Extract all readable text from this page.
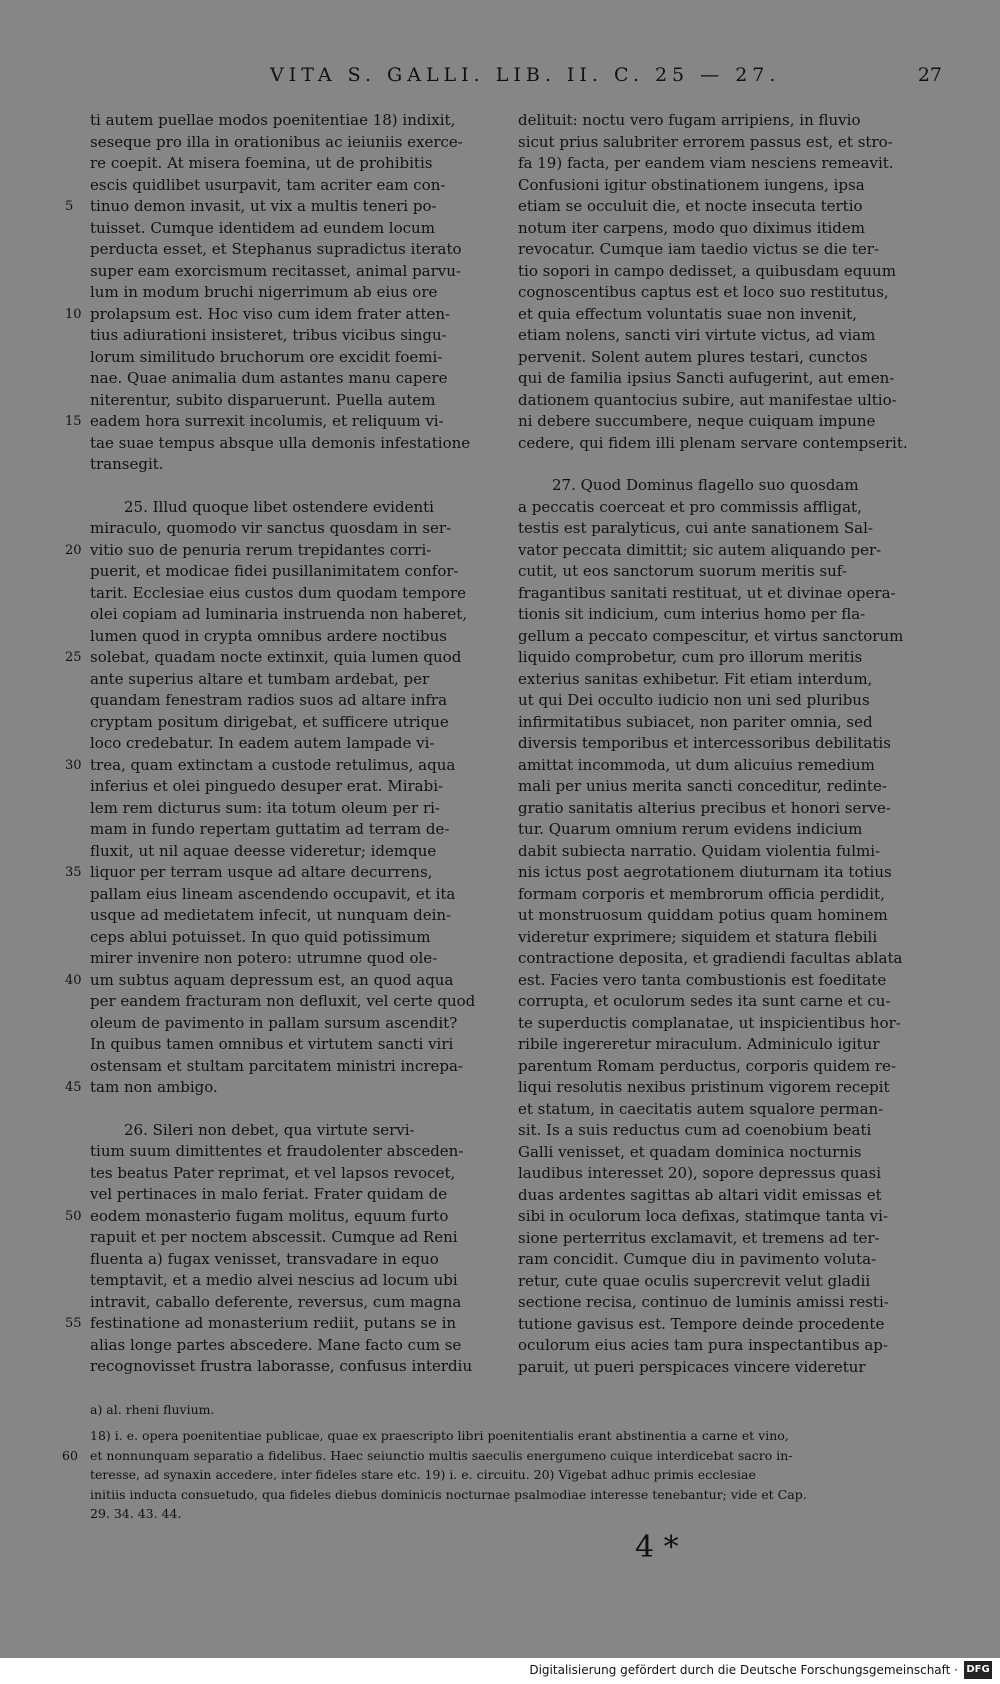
VITA S. GALLI. LIB. II. C. 25 — 27.	27
ti autem puellae modos poenitentiae 18) indixit,
seseque pro illa in orationibus ac ieiuniis exerce-
re coepit. At misera foemina, ut de prohibitis
escis quidlibet usurpavit, tam acriter eam con-
tinuo demon invasit, ut vix a multis teneri po-
5
tuisset. Cumque identidem ad eundem locum
perducta esset, et Stephanus supradictus iterato
super eam exorcismum recitasset, animal parvu-
lum in modum bruchi nigerrimum ab eius ore
prolapsum est. Hoc viso cum idem frater atten-
10
tius adiurationi insisteret, tribus vicibus singu-
lorum similitudo bruchorum ore excidit foemi-
nae. Quae animalia dum astantes manu capere
niterentur, subito disparuerunt. Puella autem
eadem hora surrexit incolumis, et reliquum vi-
15
tae suae tempus absque ulla demonis infestatione
transegit.
25. Illud quoque libet ostendere evidenti
miraculo, quomodo vir sanctus quosdam in ser-
vitio suo de penuria rerum trepidantes corri-
20
puerit, et modicae fidei pusillanimitatem confor-
tarit. Ecclesiae eius custos dum quodam tempore
olei copiam ad luminaria instruenda non haberet,
lumen quod in crypta omnibus ardere noctibus
solebat, quadam nocte extinxit, quia lumen quod
25
ante superius altare et tumbam ardebat, per
quandam fenestram radios suos ad altare infra
cryptam positum dirigebat, et sufficere utrique
loco credebatur. In eadem autem lampade vi-
trea, quam extinctam a custode retulimus, aqua
30
inferius et olei pinguedo desuper erat. Mirabi-
lem rem dicturus sum: ita totum oleum per ri-
mam in fundo repertam guttatim ad terram de-
fluxit, ut nil aquae deesse videretur; idemque
liquor per terram usque ad altare decurrens,
35
pallam eius lineam ascendendo occupavit, et ita
usque ad medietatem infecit, ut nunquam dein-
ceps ablui potuisset. In quo quid potissimum
mirer invenire non potero: utrumne quod ole-
um subtus aquam depressum est, an quod aqua
40
per eandem fracturam non defluxit, vel certe quod
oleum de pavimento in pallam sursum ascendit?
In quibus tamen omnibus et virtutem sancti viri
ostensam et stultam parcitatem ministri increpa-
tam non ambigo.
45
26. Sileri non debet, qua virtute servi-
tium suum dimittentes et fraudolenter absceden-
tes beatus Pater reprimat, et vel lapsos revocet,
vel pertinaces in malo feriat. Frater quidam de
eodem monasterio fugam molitus, equum furto
50
rapuit et per noctem abscessit. Cumque ad Reni
fluenta a) fugax venisset, transvadare in equo
temptavit, et a medio alvei nescius ad locum ubi
intravit, caballo deferente, reversus, cum magna
festinatione ad monasterium rediit, putans se in
55
alias longe partes abscedere. Mane facto cum se
recognovisset frustra laborasse, confusus interdiu
delituit: noctu vero fugam arripiens, in fluvio
sicut prius salubriter errorem passus est, et stro-
fa 19) facta, per eandem viam nesciens remeavit.
Confusioni igitur obstinationem iungens, ipsa
etiam se occuluit die, et nocte insecuta tertio
notum iter carpens, modo quo diximus itidem
revocatur. Cumque iam taedio victus se die ter-
tio sopori in campo dedisset, a quibusdam equum
cognoscentibus captus est et loco suo restitutus,
et quia effectum voluntatis suae non invenit,
etiam nolens, sancti viri virtute victus, ad viam
pervenit. Solent autem plures testari, cunctos
qui de familia ipsius Sancti aufugerint, aut emen-
dationem quantocius subire, aut manifestae ultio-
ni debere succumbere, neque cuiquam impune
cedere, qui fidem illi plenam servare contempserit.
27. Quod Dominus flagello suo quosdam
a peccatis coerceat et pro commissis affligat,
testis est paralyticus, cui ante sanationem Sal-
vator peccata dimittit; sic autem aliquando per-
cutit, ut eos sanctorum suorum meritis suf-
fragantibus sanitati restituat, ut et divinae opera-
tionis sit indicium, cum interius homo per fla-
gellum a peccato compescitur, et virtus sanctorum
liquido comprobetur, cum pro illorum meritis
exterius sanitas exhibetur. Fit etiam interdum,
ut qui Dei occulto iudicio non uni sed pluribus
infirmitatibus subiacet, non pariter omnia, sed
diversis temporibus et intercessoribus debilitatis
amittat incommoda, ut dum alicuius remedium
mali per unius merita sancti conceditur, redinte-
gratio sanitatis alterius precibus et honori serve-
tur. Quarum omnium rerum evidens indicium
dabit subiecta narratio. Quidam violentia fulmi-
nis ictus post aegrotationem diuturnam ita totius
formam corporis et membrorum officia perdidit,
ut monstruosum quiddam potius quam hominem
videretur exprimere; siquidem et statura flebili
contractione deposita, et gradiendi facultas ablata
est. Facies vero tanta combustionis est foeditate
corrupta, et oculorum sedes ita sunt carne et cu-
te superductis complanatae, ut inspicientibus hor-
ribile ingereretur miraculum. Adminiculo igitur
parentum Romam perductus, corporis quidem re-
liqui resolutis nexibus pristinum vigorem recepit
et statum, in caecitatis autem squalore perman-
sit. Is a suis reductus cum ad coenobium beati
Galli venisset, et quadam dominica nocturnis
laudibus interesset 20), sopore depressus quasi
duas ardentes sagittas ab altari vidit emissas et
sibi in oculorum loca defixas, statimque tanta vi-
sione perterritus exclamavit, et tremens ad ter-
ram concidit. Cumque diu in pavimento voluta-
retur, cute quae oculis supercrevit velut gladii
sectione recisa, continuo de luminis amissi resti-
tutione gavisus est. Tempore deinde procedente
oculorum eius acies tam pura inspectantibus ap-
paruit, ut pueri perspicaces vincere videretur
a) al. rheni fluvium.
18) i. e. opera poenitentiae publicae, quae ex praescripto libri poenitentialis erant abstinentia a carne et vino,
et nonnunquam separatio a fidelibus. Haec seiunctio multis saeculis energumeno cuique interdicebat sacro in-
60
teresse, ad synaxin accedere, inter fideles stare etc. 19) i. e. circuitu. 20) Vigebat adhuc primis ecclesiae
initiis inducta consuetudo, qua fideles diebus dominicis nocturnae psalmodiae interesse tenebantur; vide et Cap.
29. 34. 43. 44.
4 *
Digitalisierung gefördert durch die Deutsche Forschungsgemeinschaft · DFG
